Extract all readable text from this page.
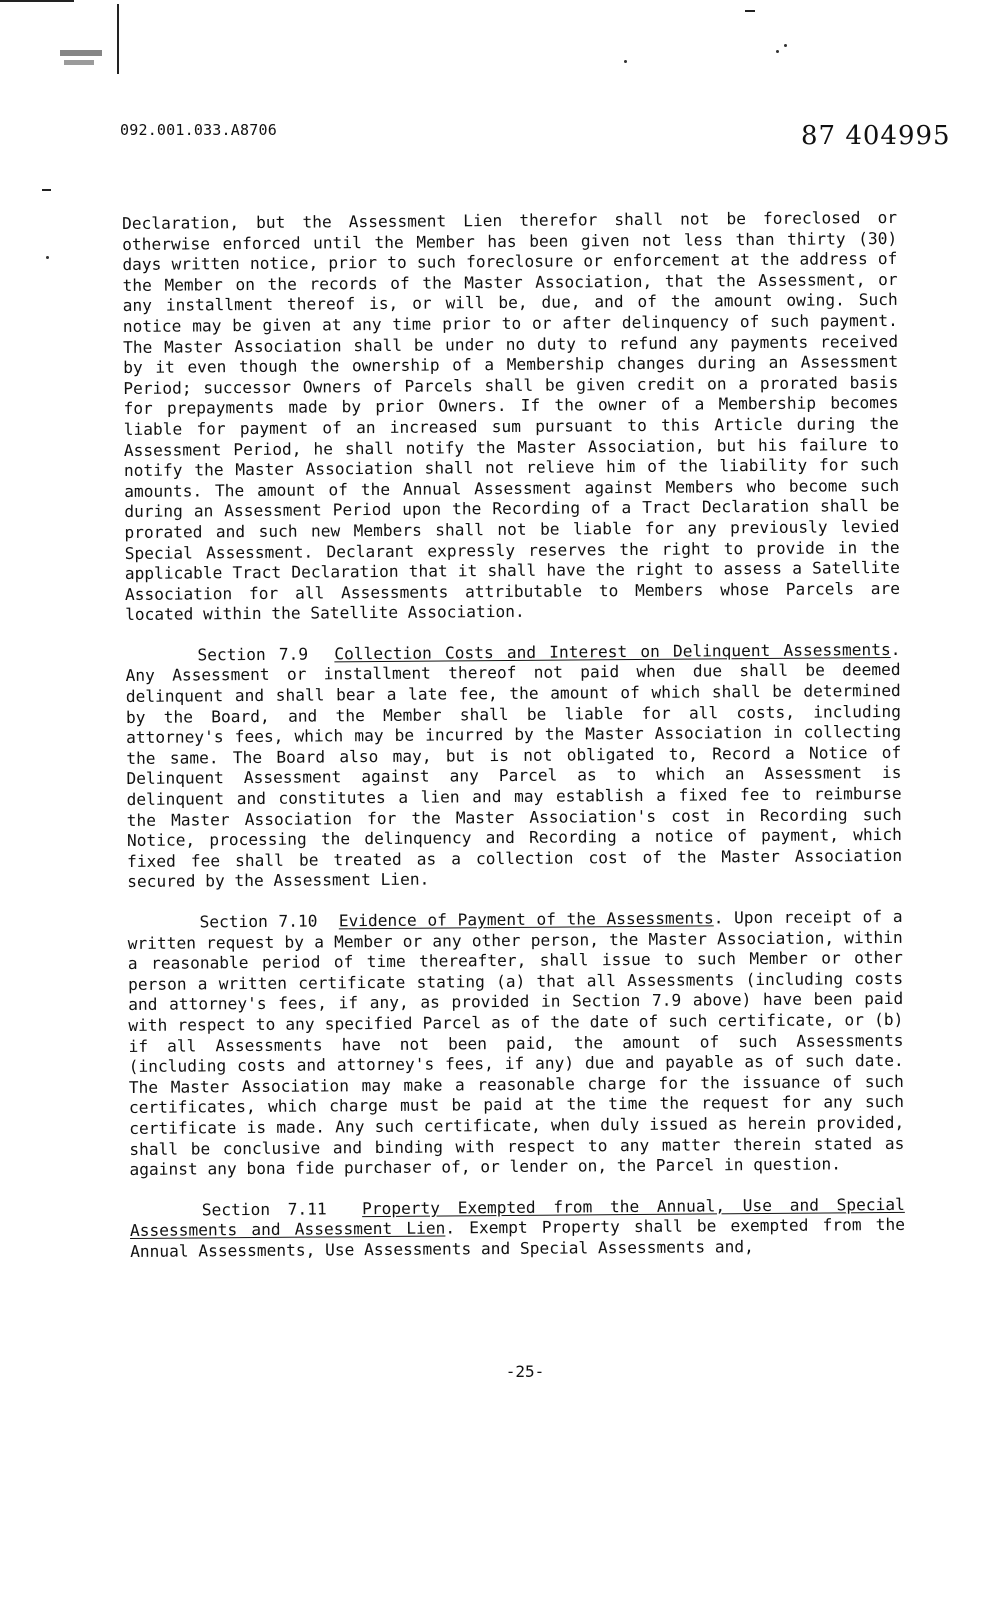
092.001.033.A8706	87 404995

Declaration, but the Assessment Lien therefor shall not be foreclosed or otherwise enforced until the Member has been given not less than thirty (30) days written notice, prior to such foreclosure or enforcement at the address of the Member on the records of the Master Association, that the Assessment, or any installment thereof is, or will be, due, and of the amount owing. Such notice may be given at any time prior to or after delinquency of such payment. The Master Association shall be under no duty to refund any payments received by it even though the ownership of a Membership changes during an Assessment Period; successor Owners of Parcels shall be given credit on a prorated basis for prepayments made by prior Owners. If the owner of a Membership becomes liable for payment of an increased sum pursuant to this Article during the Assessment Period, he shall notify the Master Association, but his failure to notify the Master Association shall not relieve him of the liability for such amounts. The amount of the Annual Assessment against Members who become such during an Assessment Period upon the Recording of a Tract Declaration shall be prorated and such new Members shall not be liable for any previously levied Special Assessment. Declarant expressly reserves the right to provide in the applicable Tract Declaration that it shall have the right to assess a Satellite Association for all Assessments attributable to Members whose Parcels are located within the Satellite Association.

Section 7.9 Collection Costs and Interest on Delinquent Assessments. Any Assessment or installment thereof not paid when due shall be deemed delinquent and shall bear a late fee, the amount of which shall be determined by the Board, and the Member shall be liable for all costs, including attorney's fees, which may be incurred by the Master Association in collecting the same. The Board also may, but is not obligated to, Record a Notice of Delinquent Assessment against any Parcel as to which an Assessment is delinquent and constitutes a lien and may establish a fixed fee to reimburse the Master Association for the Master Association's cost in Recording such Notice, processing the delinquency and Recording a notice of payment, which fixed fee shall be treated as a collection cost of the Master Association secured by the Assessment Lien.

Section 7.10 Evidence of Payment of the Assessments. Upon receipt of a written request by a Member or any other person, the Master Association, within a reasonable period of time thereafter, shall issue to such Member or other person a written certificate stating (a) that all Assessments (including costs and attorney's fees, if any, as provided in Section 7.9 above) have been paid with respect to any specified Parcel as of the date of such certificate, or (b) if all Assessments have not been paid, the amount of such Assessments (including costs and attorney's fees, if any) due and payable as of such date. The Master Association may make a reasonable charge for the issuance of such certificates, which charge must be paid at the time the request for any such certificate is made. Any such certificate, when duly issued as herein provided, shall be conclusive and binding with respect to any matter therein stated as against any bona fide purchaser of, or lender on, the Parcel in question.

Section 7.11 Property Exempted from the Annual, Use and Special Assessments and Assessment Lien. Exempt Property shall be exempted from the Annual Assessments, Use Assessments and Special Assessments and,

-25-
